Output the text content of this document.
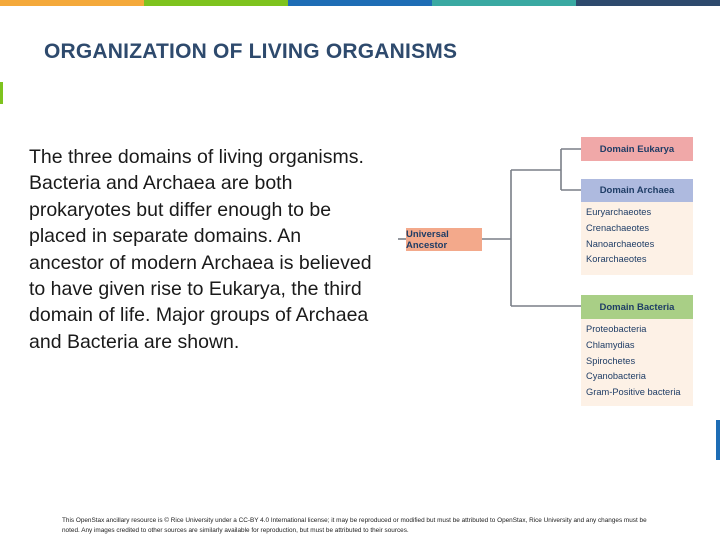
ORGANIZATION OF LIVING ORGANISMS

The three domains of living organisms. Bacteria and Archaea are both prokaryotes but differ enough to be placed in separate domains. An ancestor of modern Archaea is believed to have given rise to Eukarya, the third domain of life. Major groups of Archaea and Bacteria are shown.

Universal Ancestor
Domain Eukarya
Domain Archaea
Euryarchaeotes
Crenachaeotes
Nanoarchaeotes
Korarchaeotes
Domain Bacteria
Proteobacteria
Chlamydias
Spirochetes
Cyanobacteria
Gram-Positive bacteria

This OpenStax ancillary resource is © Rice University under a CC-BY 4.0 International license; it may be reproduced or modified but must be attributed to OpenStax, Rice University and any changes must be noted. Any images credited to other sources are similarly available for reproduction, but must be attributed to their sources.
